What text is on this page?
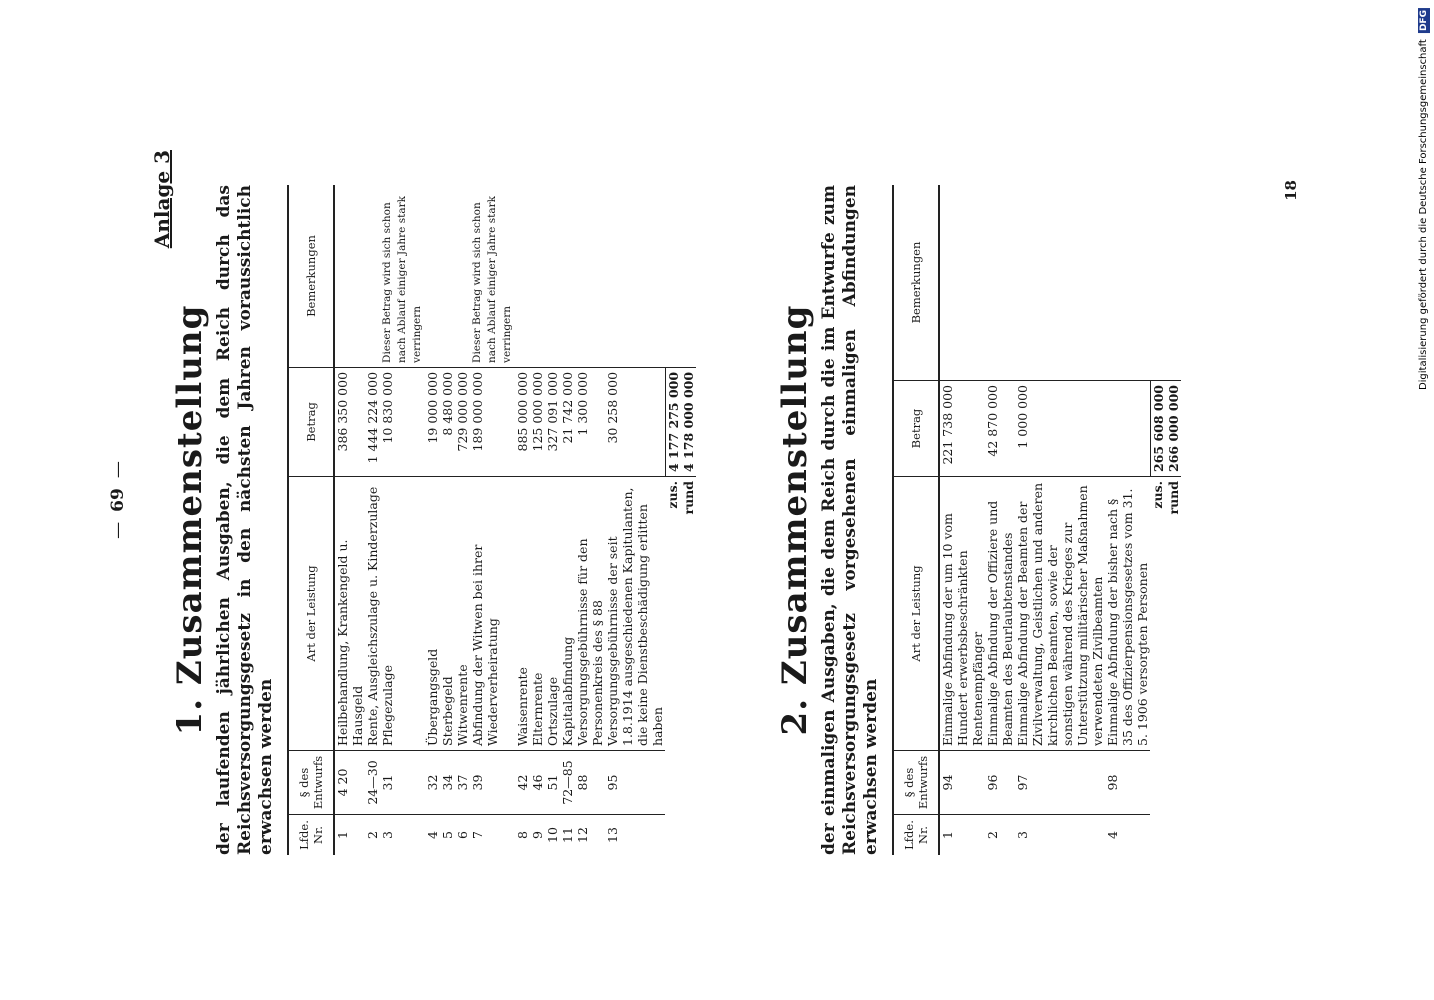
—69—
Anlage 3
1. Zusammenstellung der laufenden jährlichen Ausgaben, die dem Reich durch das Reichsversorgungsgesetz in den nächsten Jahren voraussichtlich erwachsen werden Lfde. Nr.	§ des Entwurfs	Art der Leistung	Betrag	Bemerkungen
1	4 20	Heilbehandlung, Krankengeld u. Hausgeld	386 350 000	
2	24—30	Rente, Ausgleichszulage u. Kinderzulage	1 444 224 000	
3	31	Pflegezulage	10 830 000	Dieser Betrag wird sich schon nach Ablauf einiger Jahre stark verringern
4	32	Übergangsgeld	19 000 000	
5	34	Sterbegeld	8 480 000	
6	37	Witwenrente	729 000 000	
7	39	Abfindung der Witwen bei ihrer Wiederverheiratung	189 000 000	Dieser Betrag wird sich schon nach Ablauf einiger Jahre stark verringern
8	42	Waisenrente	885 000 000	
9	46	Elternrente	125 000 000	
10	51	Ortszulage	327 091 000	
11	72—85	Kapitalabfindung	21 742 000	
12	88	Versorgungsgebührnisse für den Personenkreis des § 88	1 300 000	
13	95	Versorgungsgebührnisse der seit 1.8.1914 ausgeschiedenen Kapitulanten, die keine Dienstbeschädigung erlitten haben	30 258 000	
zus.			4 177 275 000	
rund			4 178 000 000	2. Zusammenstellung der einmaligen Ausgaben, die dem Reich durch die im Entwurfe zum Reichsversorgungsgesetz vorgesehenen einmaligen Abfindungen erwachsen werden Lfde. Nr.	§ des Entwurfs	Art der Leistung	Betrag	Bemerkungen
1	94	Einmalige Abfindung der um 10 vom Hundert erwerbsbeschränkten Rentenempfänger	221 738 000	
2	96	Einmalige Abfindung der Offiziere und Beamten des Beurlaubtenstandes	42 870 000	
3	97	Einmalige Abfindung der Beamten der Zivilverwaltung, Geistlichen und anderen kirchlichen Beamten, sowie der sonstigen während des Krieges zur Unterstützung militärischer Maßnahmen verwendeten Zivilbeamten	1 000 000	
4	98	Einmalige Abfindung der bisher nach § 35 des Offizierpensionsgesetzes vom 31. 5. 1906 versorgten Personen		
zus.			265 608 000	
rund			266 000 000	
18	Digitalisierung gefördert durch die Deutsche Forschungsgemeinschaft DFG
